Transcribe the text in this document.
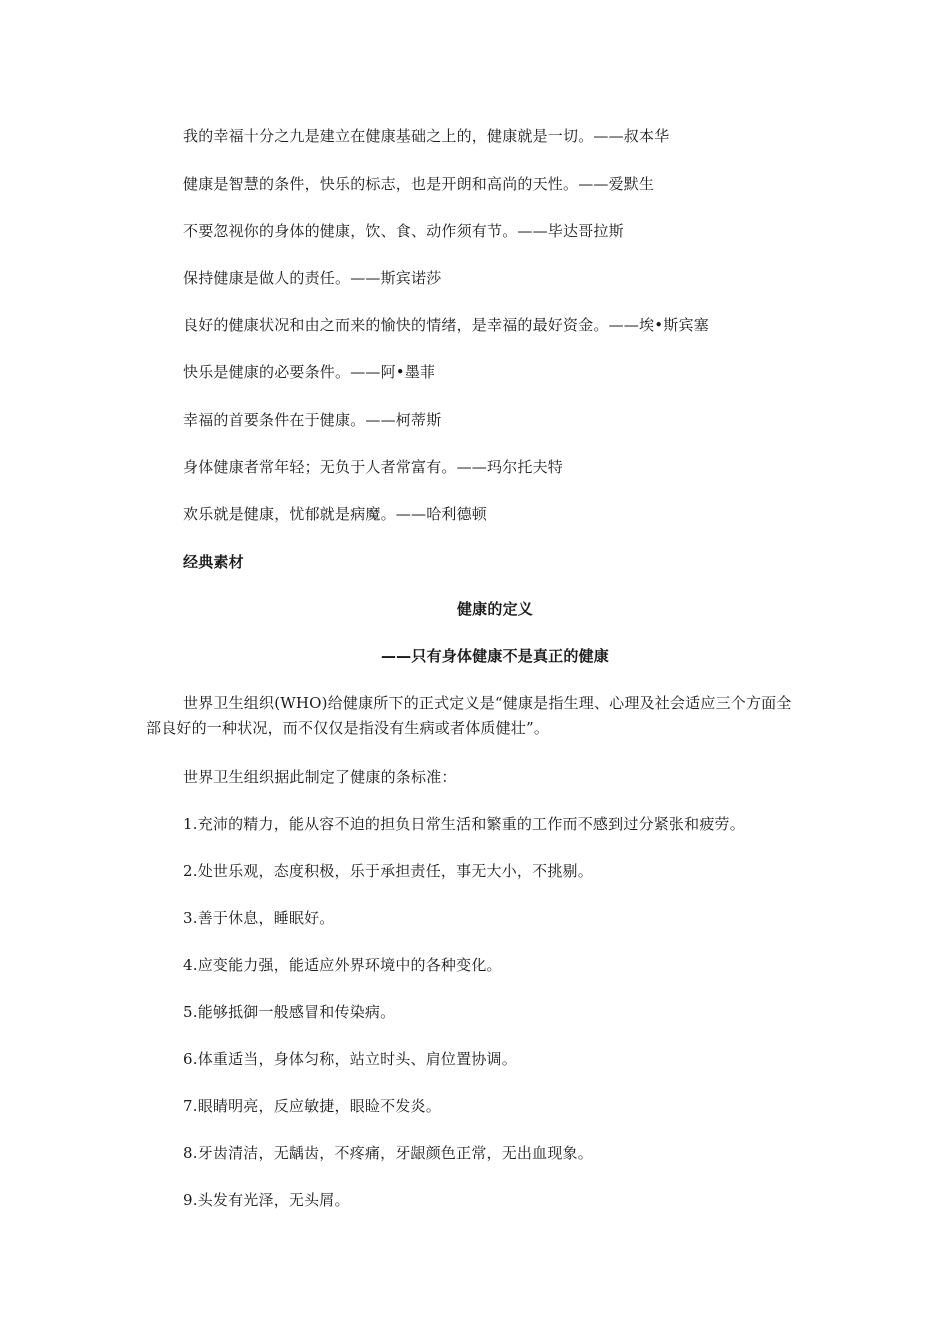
我的幸福十分之九是建立在健康基础之上的，健康就是一切。——叔本华
健康是智慧的条件，快乐的标志，也是开朗和高尚的天性。——爱默生
不要忽视你的身体的健康，饮、食、动作须有节。——毕达哥拉斯
保持健康是做人的责任。——斯宾诺莎
良好的健康状况和由之而来的愉快的情绪，是幸福的最好资金。——埃•斯宾塞
快乐是健康的必要条件。——阿•墨菲
幸福的首要条件在于健康。——柯蒂斯
身体健康者常年轻；无负于人者常富有。——玛尔托夫特
欢乐就是健康，忧郁就是病魔。——哈利德顿
经典素材
健康的定义
——只有身体健康不是真正的健康
世界卫生组织(WHO)给健康所下的正式定义是“健康是指生理、心理及社会适应三个方面全部良好的一种状况，而不仅仅是指没有生病或者体质健壮”。
世界卫生组织据此制定了健康的条标准：
1.充沛的精力，能从容不迫的担负日常生活和繁重的工作而不感到过分紧张和疲劳。
2.处世乐观，态度积极，乐于承担责任，事无大小，不挑剔。
3.善于休息，睡眠好。
4.应变能力强，能适应外界环境中的各种变化。
5.能够抵御一般感冒和传染病。
6.体重适当，身体匀称，站立时头、肩位置协调。
7.眼睛明亮，反应敏捷，眼睑不发炎。
8.牙齿清洁，无龋齿，不疼痛，牙龈颜色正常，无出血现象。
9.头发有光泽，无头屑。
